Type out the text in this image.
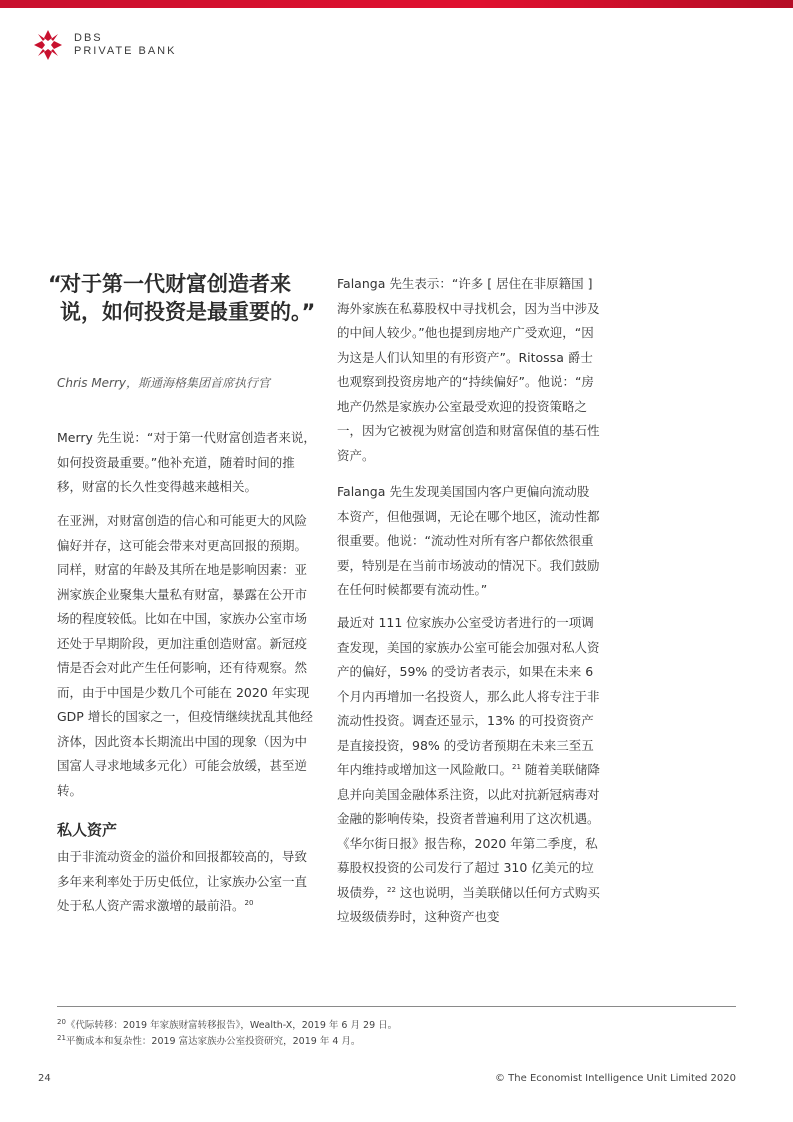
DBS
PRIVATE BANK
“
对于第一代财富创造者来说，如何投资是最重要的。”
Chris Merry，斯通海格集团首席执行官

Merry 先生说：“对于第一代财富创造者来说，如何投资最重要。”他补充道，随着时间的推移，财富的长久性变得越来越相关。

在亚洲，对财富创造的信心和可能更大的风险偏好并存，这可能会带来对更高回报的预期。同样，财富的年龄及其所在地是影响因素：亚洲家族企业聚集大量私有财富，暴露在公开市场的程度较低。比如在中国，家族办公室市场还处于早期阶段，更加注重创造财富。新冠疫情是否会对此产生任何影响，还有待观察。然而，由于中国是少数几个可能在 2020 年实现 GDP 增长的国家之一，但疫情继续扰乱其他经济体，因此资本长期流出中国的现象（因为中国富人寻求地域多元化）可能会放缓，甚至逆转。

私人资产

由于非流动资金的溢价和回报都较高的，导致多年来利率处于历史低位，让家族办公室一直处于私人资产需求激增的最前沿。$^{20}$

Falanga 先生表示：“许多 [ 居住在非原籍国 ] 海外家族在私募股权中寻找机会，因为当中涉及的中间人较少。”他也提到房地产广受欢迎，“因为这是人们认知里的有形资产”。Ritossa 爵士也观察到投资房地产的“持续偏好”。他说：“房地产仍然是家族办公室最受欢迎的投资策略之一，因为它被视为财富创造和财富保值的基石性资产。

Falanga 先生发现美国国内客户更偏向流动股本资产，但他强调，无论在哪个地区，流动性都很重要。他说：“流动性对所有客户都依然很重要，特别是在当前市场波动的情况下。我们鼓励在任何时候都要有流动性。”

最近对 111 位家族办公室受访者进行的一项调查发现，美国的家族办公室可能会加强对私人资产的偏好，59% 的受访者表示，如果在未来 6 个月内再增加一名投资人，那么此人将专注于非流动性投资。调查还显示，13% 的可投资资产是直接投资，98% 的受访者预期在未来三至五年内维持或增加这一风险敞口。$^{21}$ 随着美联储降息并向美国金融体系注资，以此对抗新冠病毒对金融的影响传染，投资者普遍利用了这次机遇。《华尔街日报》报告称，2020 年第二季度，私募股权投资的公司发行了超过 310 亿美元的垃圾债券，$^{22}$ 这也说明，当美联储以任何方式购买垃圾级债券时，这种资产也变

$^{20}$《代际转移：2019 年家族财富转移报告》，Wealth-X，2019 年 6 月 29 日。
$^{21}$平衡成本和复杂性：2019 富达家族办公室投资研究，2019 年 4 月。
24	© The Economist Intelligence Unit Limited 2020
